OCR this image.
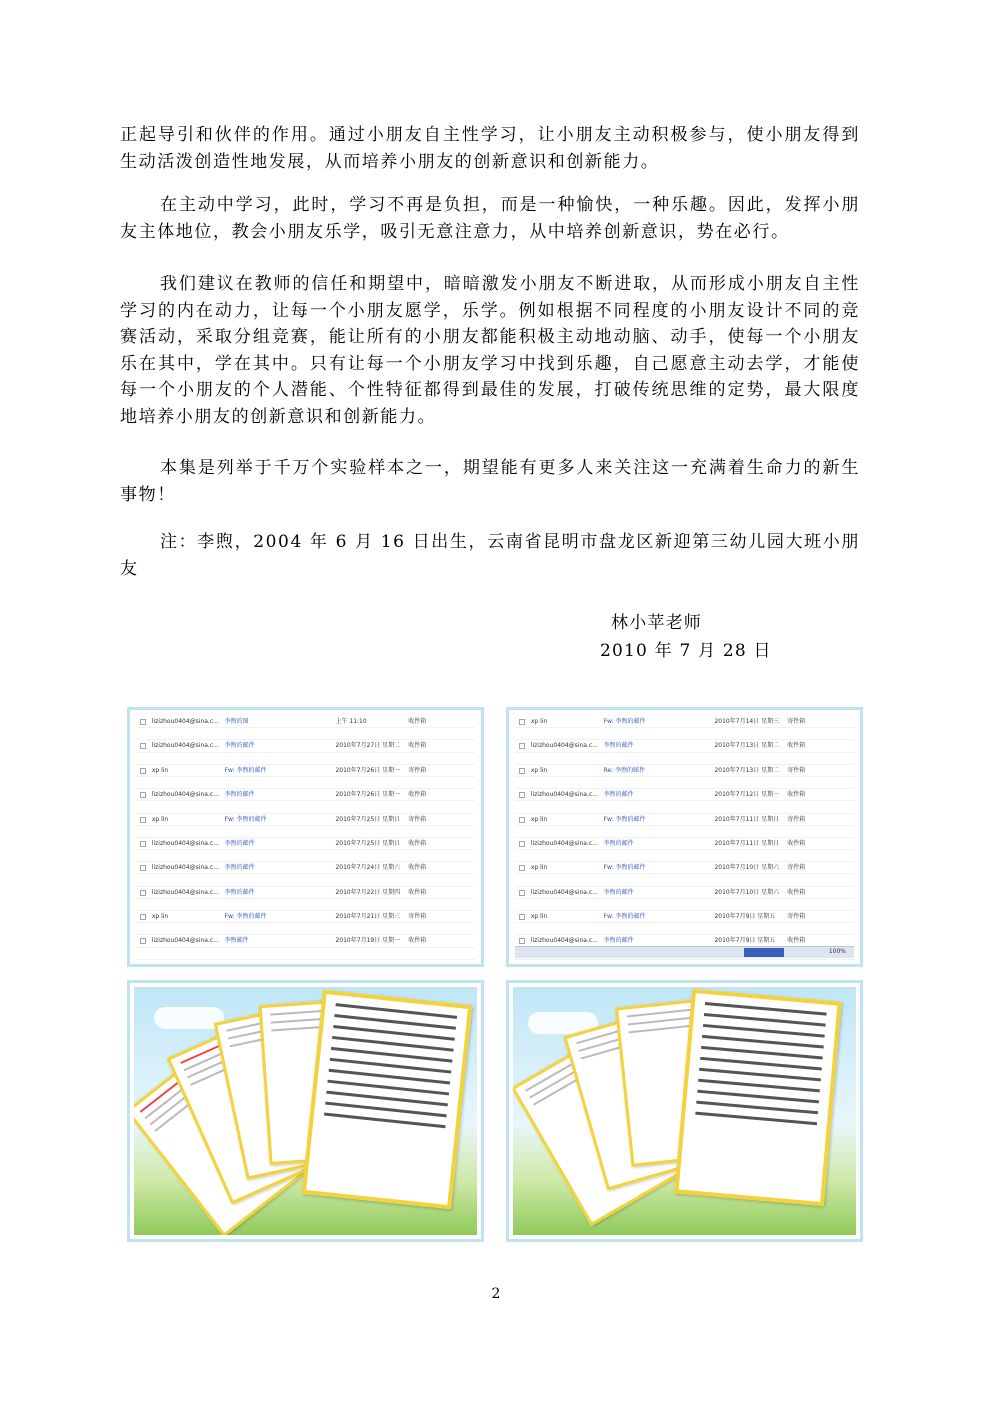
正起导引和伙伴的作用。通过小朋友自主性学习，让小朋友主动积极参与，使小朋友得到生动活泼创造性地发展，从而培养小朋友的创新意识和创新能力。

在主动中学习，此时，学习不再是负担，而是一种愉快，一种乐趣。因此，发挥小朋友主体地位，教会小朋友乐学，吸引无意注意力，从中培养创新意识，势在必行。

我们建议在教师的信任和期望中，暗暗激发小朋友不断进取，从而形成小朋友自主性学习的内在动力，让每一个小朋友愿学，乐学。例如根据不同程度的小朋友设计不同的竞赛活动，采取分组竞赛，能让所有的小朋友都能积极主动地动脑、动手，使每一个小朋友乐在其中，学在其中。只有让每一个小朋友学习中找到乐趣，自己愿意主动去学，才能使每一个小朋友的个人潜能、个性特征都得到最佳的发展，打破传统思维的定势，最大限度地培养小朋友的创新意识和创新能力。

本集是列举于千万个实验样本之一，期望能有更多人来关注这一充满着生命力的新生事物！

注：李煦，2004 年 6 月 16 日出生，云南省昆明市盘龙区新迎第三幼儿园大班小朋友

林小苹老师
2010 年 7 月 28 日
lizizhou0404@sina.c... 李煦的图	上午 11:10	收件箱
lizizhou0404@sina.c... 李煦的邮件	2010年7月27日 星期二	收件箱
xp lin	Fw: 李煦的邮件	2010年7月26日 星期一	寄件箱
lizizhou0404@sina.c... 李煦的邮件	2010年7月26日 星期一	收件箱
xp lin	Fw: 李煦的邮件	2010年7月25日 星期日	寄件箱
lizizhou0404@sina.c... 李煦的邮件	2010年7月25日 星期日	收件箱
lizizhou0404@sina.c... 李煦的邮件	2010年7月24日 星期六	收件箱
lizizhou0404@sina.c... 李煦的邮件	2010年7月22日 星期四	收件箱
xp lin	Fw: 李煦的邮件	2010年7月21日 星期三	寄件箱
lizizhou0404@sina.c... 李煦邮件	2010年7月19日 星期一	收件箱
xp lin	Fw: 李煦的邮件	2010年7月14日 星期三	寄件箱
lizizhou0404@sina.c... 李煦的邮件	2010年7月13日 星期二	收件箱
xp lin	Re: 李煦的邮件	2010年7月13日 星期二	寄件箱
lizizhou0404@sina.c... 李煦的邮件	2010年7月12日 星期一	收件箱
xp lin	Fw: 李煦的邮件	2010年7月11日 星期日	寄件箱
lizizhou0404@sina.c... 李煦的邮件	2010年7月11日 星期日	收件箱
xp lin	Fw: 李煦的邮件	2010年7月10日 星期六	寄件箱
lizizhou0404@sina.c... 李煦的邮件	2010年7月10日 星期六	收件箱
xp lin	Fw: 李煦的邮件	2010年7月9日 星期五	寄件箱
lizizhou0404@sina.c... 李煦的邮件	2010年7月9日 星期五	收件箱
100%
2
